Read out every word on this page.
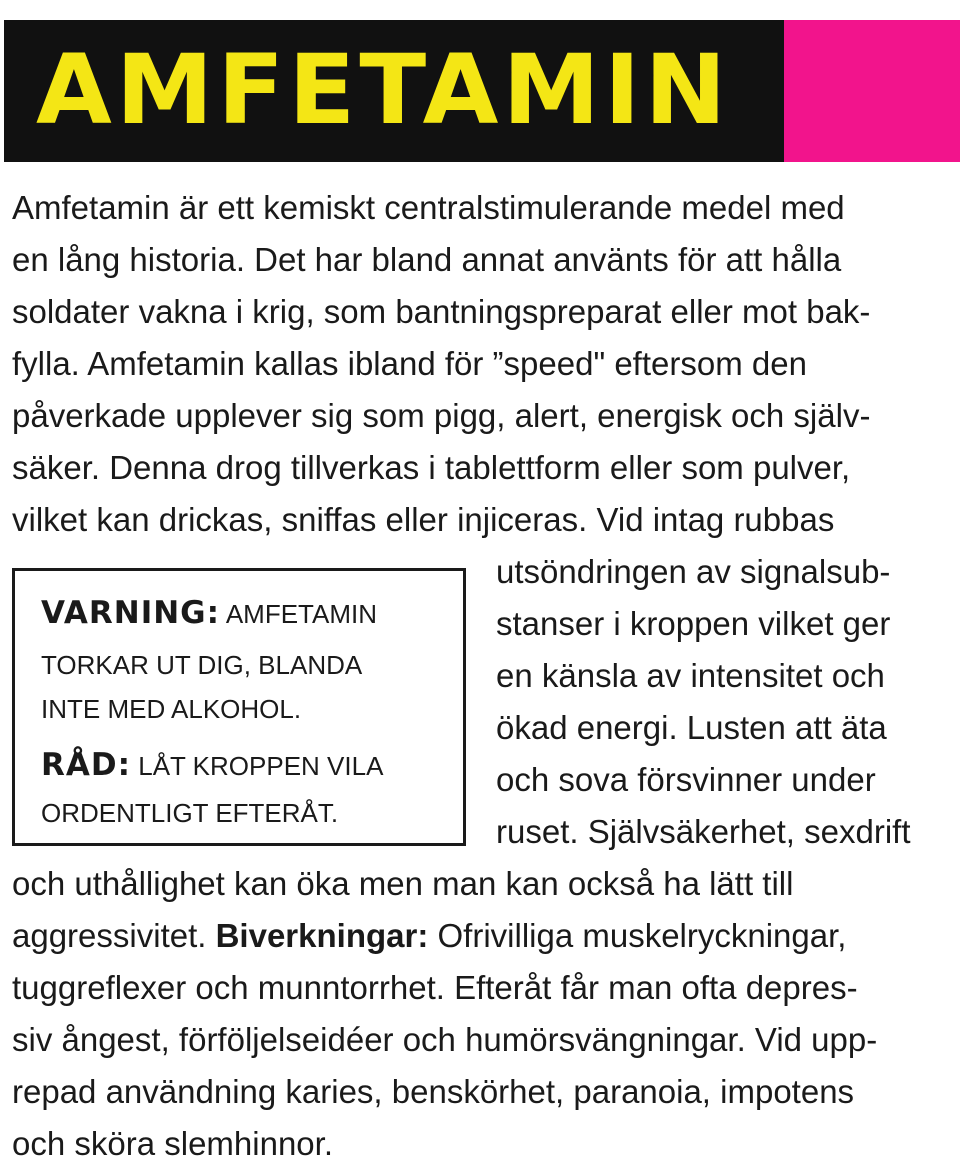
AMFETAMIN

Amfetamin är ett kemiskt centralstimulerande medel med

en lång historia. Det har bland annat använts för att hålla

soldater vakna i krig, som bantningspreparat eller mot bak-

fylla. Amfetamin kallas ibland för ”speed" eftersom den

påverkade upplever sig som pigg, alert, energisk och själv-

säker. Denna drog tillverkas i tablettform eller som pulver,

vilket kan drickas, sniffas eller injiceras. Vid intag rubbas

utsöndringen av signalsub-

stanser i kroppen vilket ger

en känsla av intensitet och

ökad energi. Lusten att äta

och sova försvinner under

ruset. Självsäkerhet, sexdrift

och uthållighet kan öka men man kan också ha lätt till

aggressivitet. Biverkningar: Ofrivilliga muskelryckningar,

tuggreflexer och munntorrhet. Efteråt får man ofta depres-

siv ångest, förföljelseidéer och humörsvängningar. Vid upp-

repad användning karies, benskörhet, paranoia, impotens

och sköra slemhinnor.

VARNING: AMFETAMIN

TORKAR UT DIG, BLANDA

INTE MED ALKOHOL.

RÅD: LÅT KROPPEN VILA

ORDENTLIGT EFTERÅT.
